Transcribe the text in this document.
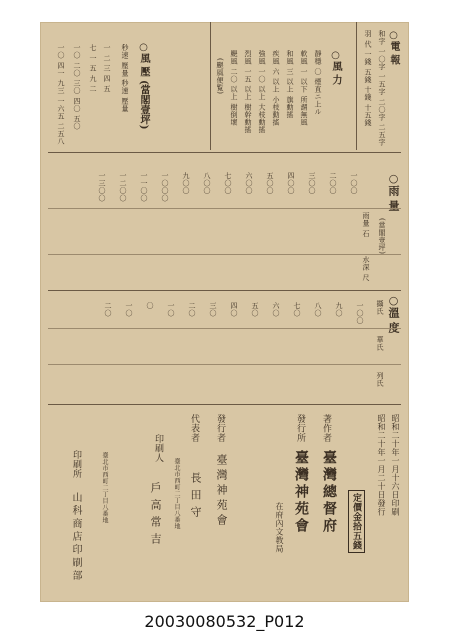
○電 報
和字 一〇字 一五字 二〇字 二五字
羽 代 一錢 五錢 十錢 十五錢
○風 力
靜穩 〇 煙直ニ上ル
軟風 一 以下 所謂無風
和風 三 以上 旗動搖
疾風 六 以上 小枝動搖
強風 一〇 以上 大枝動搖
烈風 一五 以上 樹幹動搖
颶風 二〇 以上 樹倒壞
(颶風便覧)
○風 壓 (當閣壹坪)
秒速 壓量 秒速 壓量
一 二 三 四 五
七 一 五 九 二
一〇 二〇 三〇 四〇 五〇
一〇 四一 九三 一六五 二五八
○雨 量
(當閣壹坪)
雨量 石
水深 尺
一〇〇
二〇〇
三〇〇
四〇〇
五〇〇
六〇〇
七〇〇
八〇〇
九〇〇
一〇〇〇
一一〇〇
一二〇〇
一三〇〇
○溫 度
攝氏
華氏
列氏
一〇〇
九〇
八〇
七〇
六〇
五〇
四〇
三〇
二〇
一〇
〇
一〇
二〇
昭和二十年一月十六日印刷
昭和二十年一月二十日發行
定價金拾五錢
著作者
臺灣總督府
發行所
臺灣神苑會
在府內文教局
發行者
臺灣神苑會
代表者
長田守
印刷人
臺北市西町二丁目八番地
戶高常吉
印刷所	臺北市西町二丁目八番地
山科商店印刷部
20030080532_P012
